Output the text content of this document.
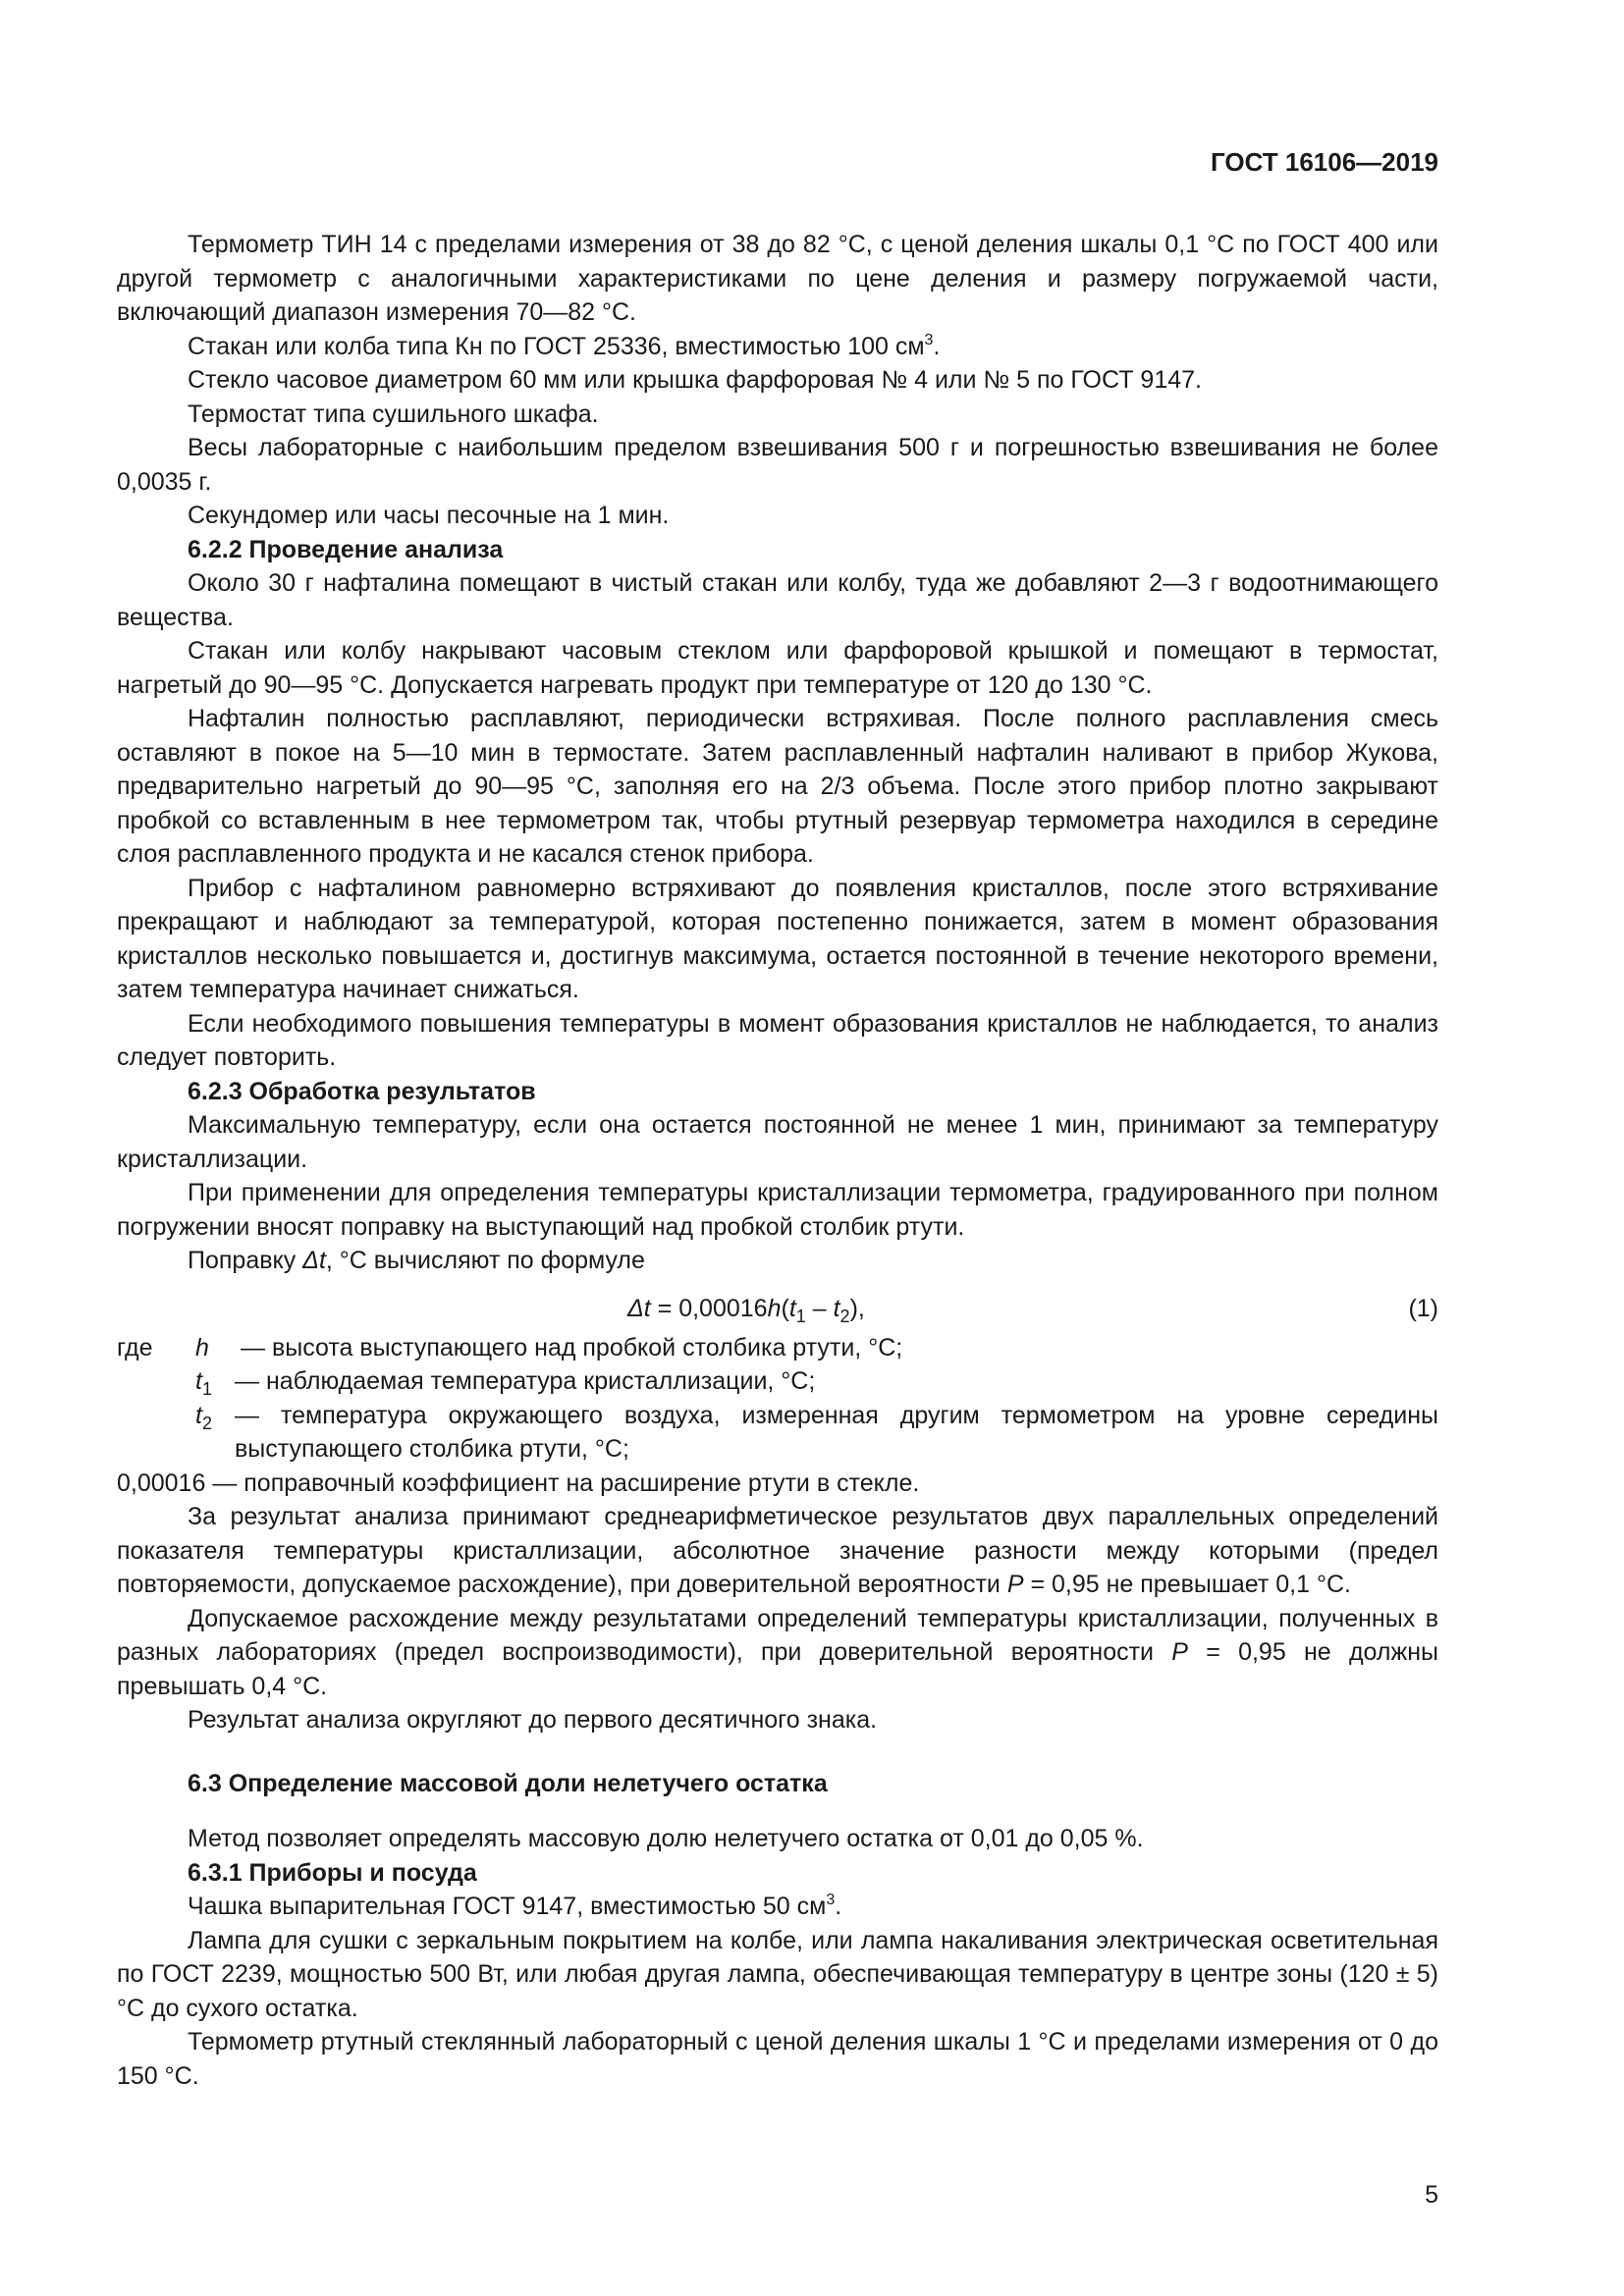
ГОСТ 16106—2019

Термометр ТИН 14 с пределами измерения от 38 до 82 °С, с ценой деления шкалы 0,1 °С по ГОСТ 400 или другой термометр с аналогичными характеристиками по цене деления и размеру погружаемой части, включающий диапазон измерения 70—82 °С.

Стакан или колба типа Кн по ГОСТ 25336, вместимостью 100 $см^3$.

Стекло часовое диаметром 60 мм или крышка фарфоровая № 4 или № 5 по ГОСТ 9147.

Термостат типа сушильного шкафа.

Весы лабораторные с наибольшим пределом взвешивания 500 г и погрешностью взвешивания не более 0,0035 г.

Секундомер или часы песочные на 1 мин.

6.2.2 Проведение анализа

Около 30 г нафталина помещают в чистый стакан или колбу, туда же добавляют 2—3 г водоотнимающего вещества.

Стакан или колбу накрывают часовым стеклом или фарфоровой крышкой и помещают в термостат, нагретый до 90—95 °С. Допускается нагревать продукт при температуре от 120 до 130 °С.

Нафталин полностью расплавляют, периодически встряхивая. После полного расплавления смесь оставляют в покое на 5—10 мин в термостате. Затем расплавленный нафталин наливают в прибор Жукова, предварительно нагретый до 90—95 °С, заполняя его на 2/3 объема. После этого прибор плотно закрывают пробкой со вставленным в нее термометром так, чтобы ртутный резервуар термометра находился в середине слоя расплавленного продукта и не касался стенок прибора.

Прибор с нафталином равномерно встряхивают до появления кристаллов, после этого встряхивание прекращают и наблюдают за температурой, которая постепенно понижается, затем в момент образования кристаллов несколько повышается и, достигнув максимума, остается постоянной в течение некоторого времени, затем температура начинает снижаться.

Если необходимого повышения температуры в момент образования кристаллов не наблюдается, то анализ следует повторить.

6.2.3 Обработка результатов

Максимальную температуру, если она остается постоянной не менее 1 мин, принимают за температуру кристаллизации.

При применении для определения температуры кристаллизации термометра, градуированного при полном погружении вносят поправку на выступающий над пробкой столбик ртути.

Поправку Δt, °С вычисляют по формуле

$\Delta t = 0,00016h(t_1 - t_2)$,	(1)
где	h	— высота выступающего над пробкой столбика ртути, °С;
$t_1$ — наблюдаемая температура кристаллизации, °С;
$t_2$ — температура окружающего воздуха, измеренная другим термометром на уровне середины выступающего столбика ртути, °С;

0,00016 — поправочный коэффициент на расширение ртути в стекле.

За результат анализа принимают среднеарифметическое результатов двух параллельных определений показателя температуры кристаллизации, абсолютное значение разности между которыми (предел повторяемости, допускаемое расхождение), при доверительной вероятности Р = 0,95 не превышает 0,1 °С.

Допускаемое расхождение между результатами определений температуры кристаллизации, полученных в разных лабораториях (предел воспроизводимости), при доверительной вероятности Р = 0,95 не должны превышать 0,4 °С.

Результат анализа округляют до первого десятичного знака.

6.3 Определение массовой доли нелетучего остатка

Метод позволяет определять массовую долю нелетучего остатка от 0,01 до 0,05 %.

6.3.1 Приборы и посуда

Чашка выпарительная ГОСТ 9147, вместимостью 50 $см^3$.

Лампа для сушки с зеркальным покрытием на колбе, или лампа накаливания электрическая осветительная по ГОСТ 2239, мощностью 500 Вт, или любая другая лампа, обеспечивающая температуру в центре зоны (120 ± 5) °С до сухого остатка.

Термометр ртутный стеклянный лабораторный с ценой деления шкалы 1 °С и пределами измерения от 0 до 150 °С.

5
